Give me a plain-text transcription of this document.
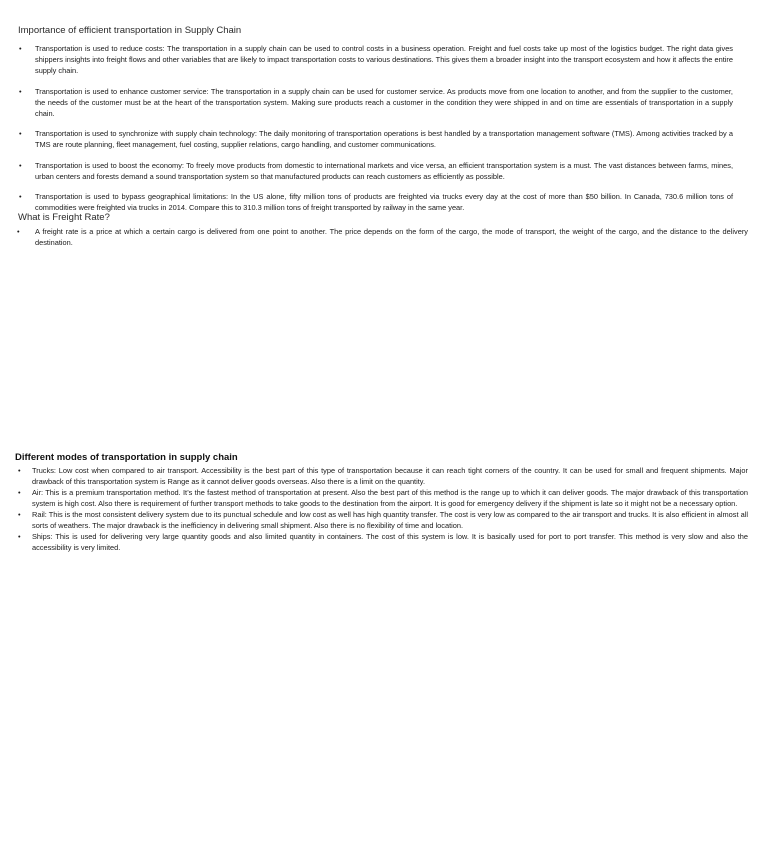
Importance of efficient transportation in Supply Chain
• Transportation is used to reduce costs: The transportation in a supply chain can be used to control costs in a business operation. Freight and fuel costs take up most of the logistics budget. The right data gives shippers insights into freight flows and other variables that are likely to impact transportation costs to various destinations. This gives them a broader insight into the transport ecosystem and how it affects the entire supply chain.
• Transportation is used to enhance customer service: The transportation in a supply chain can be used for customer service. As products move from one location to another, and from the supplier to the customer, the needs of the customer must be at the heart of the transportation system. Making sure products reach a customer in the condition they were shipped in and on time are essentials of transportation in a supply chain.
• Transportation is used to synchronize with supply chain technology: The daily monitoring of transportation operations is best handled by a transportation management software (TMS). Among activities tracked by a TMS are route planning, fleet management, fuel costing, supplier relations, cargo handling, and customer communications.
• Transportation is used to boost the economy: To freely move products from domestic to international markets and vice versa, an efficient transportation system is a must. The vast distances between farms, mines, urban centers and forests demand a sound transportation system so that manufactured products can reach customers as efficiently as possible.
• Transportation is used to bypass geographical limitations: In the US alone, fifty million tons of products are freighted via trucks every day at the cost of more than $50 billion. In Canada, 730.6 million tons of commodities were freighted via trucks in 2014. Compare this to 310.3 million tons of freight transported by railway in the same year.
What is Freight Rate?
• A freight rate is a price at which a certain cargo is delivered from one point to another. The price depends on the form of the cargo, the mode of transport, the weight of the cargo, and the distance to the delivery destination.
Different modes of transportation in supply chain
• Trucks: Low cost when compared to air transport. Accessibility is the best part of this type of transportation because it can reach tight corners of the country. It can be used for small and frequent shipments. Major drawback of this transportation system is Range as it cannot deliver goods overseas. Also there is a limit on the quantity.
• Air: This is a premium transportation method. It’s the fastest method of transportation at present. Also the best part of this method is the range up to which it can deliver goods. The major drawback of this transportation system is high cost. Also there is requirement of further transport methods to take goods to the destination from the airport. It is good for emergency delivery if the shipment is late so it might not be a necessary option.
• Rail: This is the most consistent delivery system due to its punctual schedule and low cost as well has high quantity transfer. The cost is very low as compared to the air transport and trucks. It is also efficient in almost all sorts of weathers. The major drawback is the inefficiency in delivering small shipment. Also there is no flexibility of time and location.
• Ships: This is used for delivering very large quantity goods and also limited quantity in containers. The cost of this system is low. It is basically used for port to port transfer. This method is very slow and also the accessibility is very limited.
